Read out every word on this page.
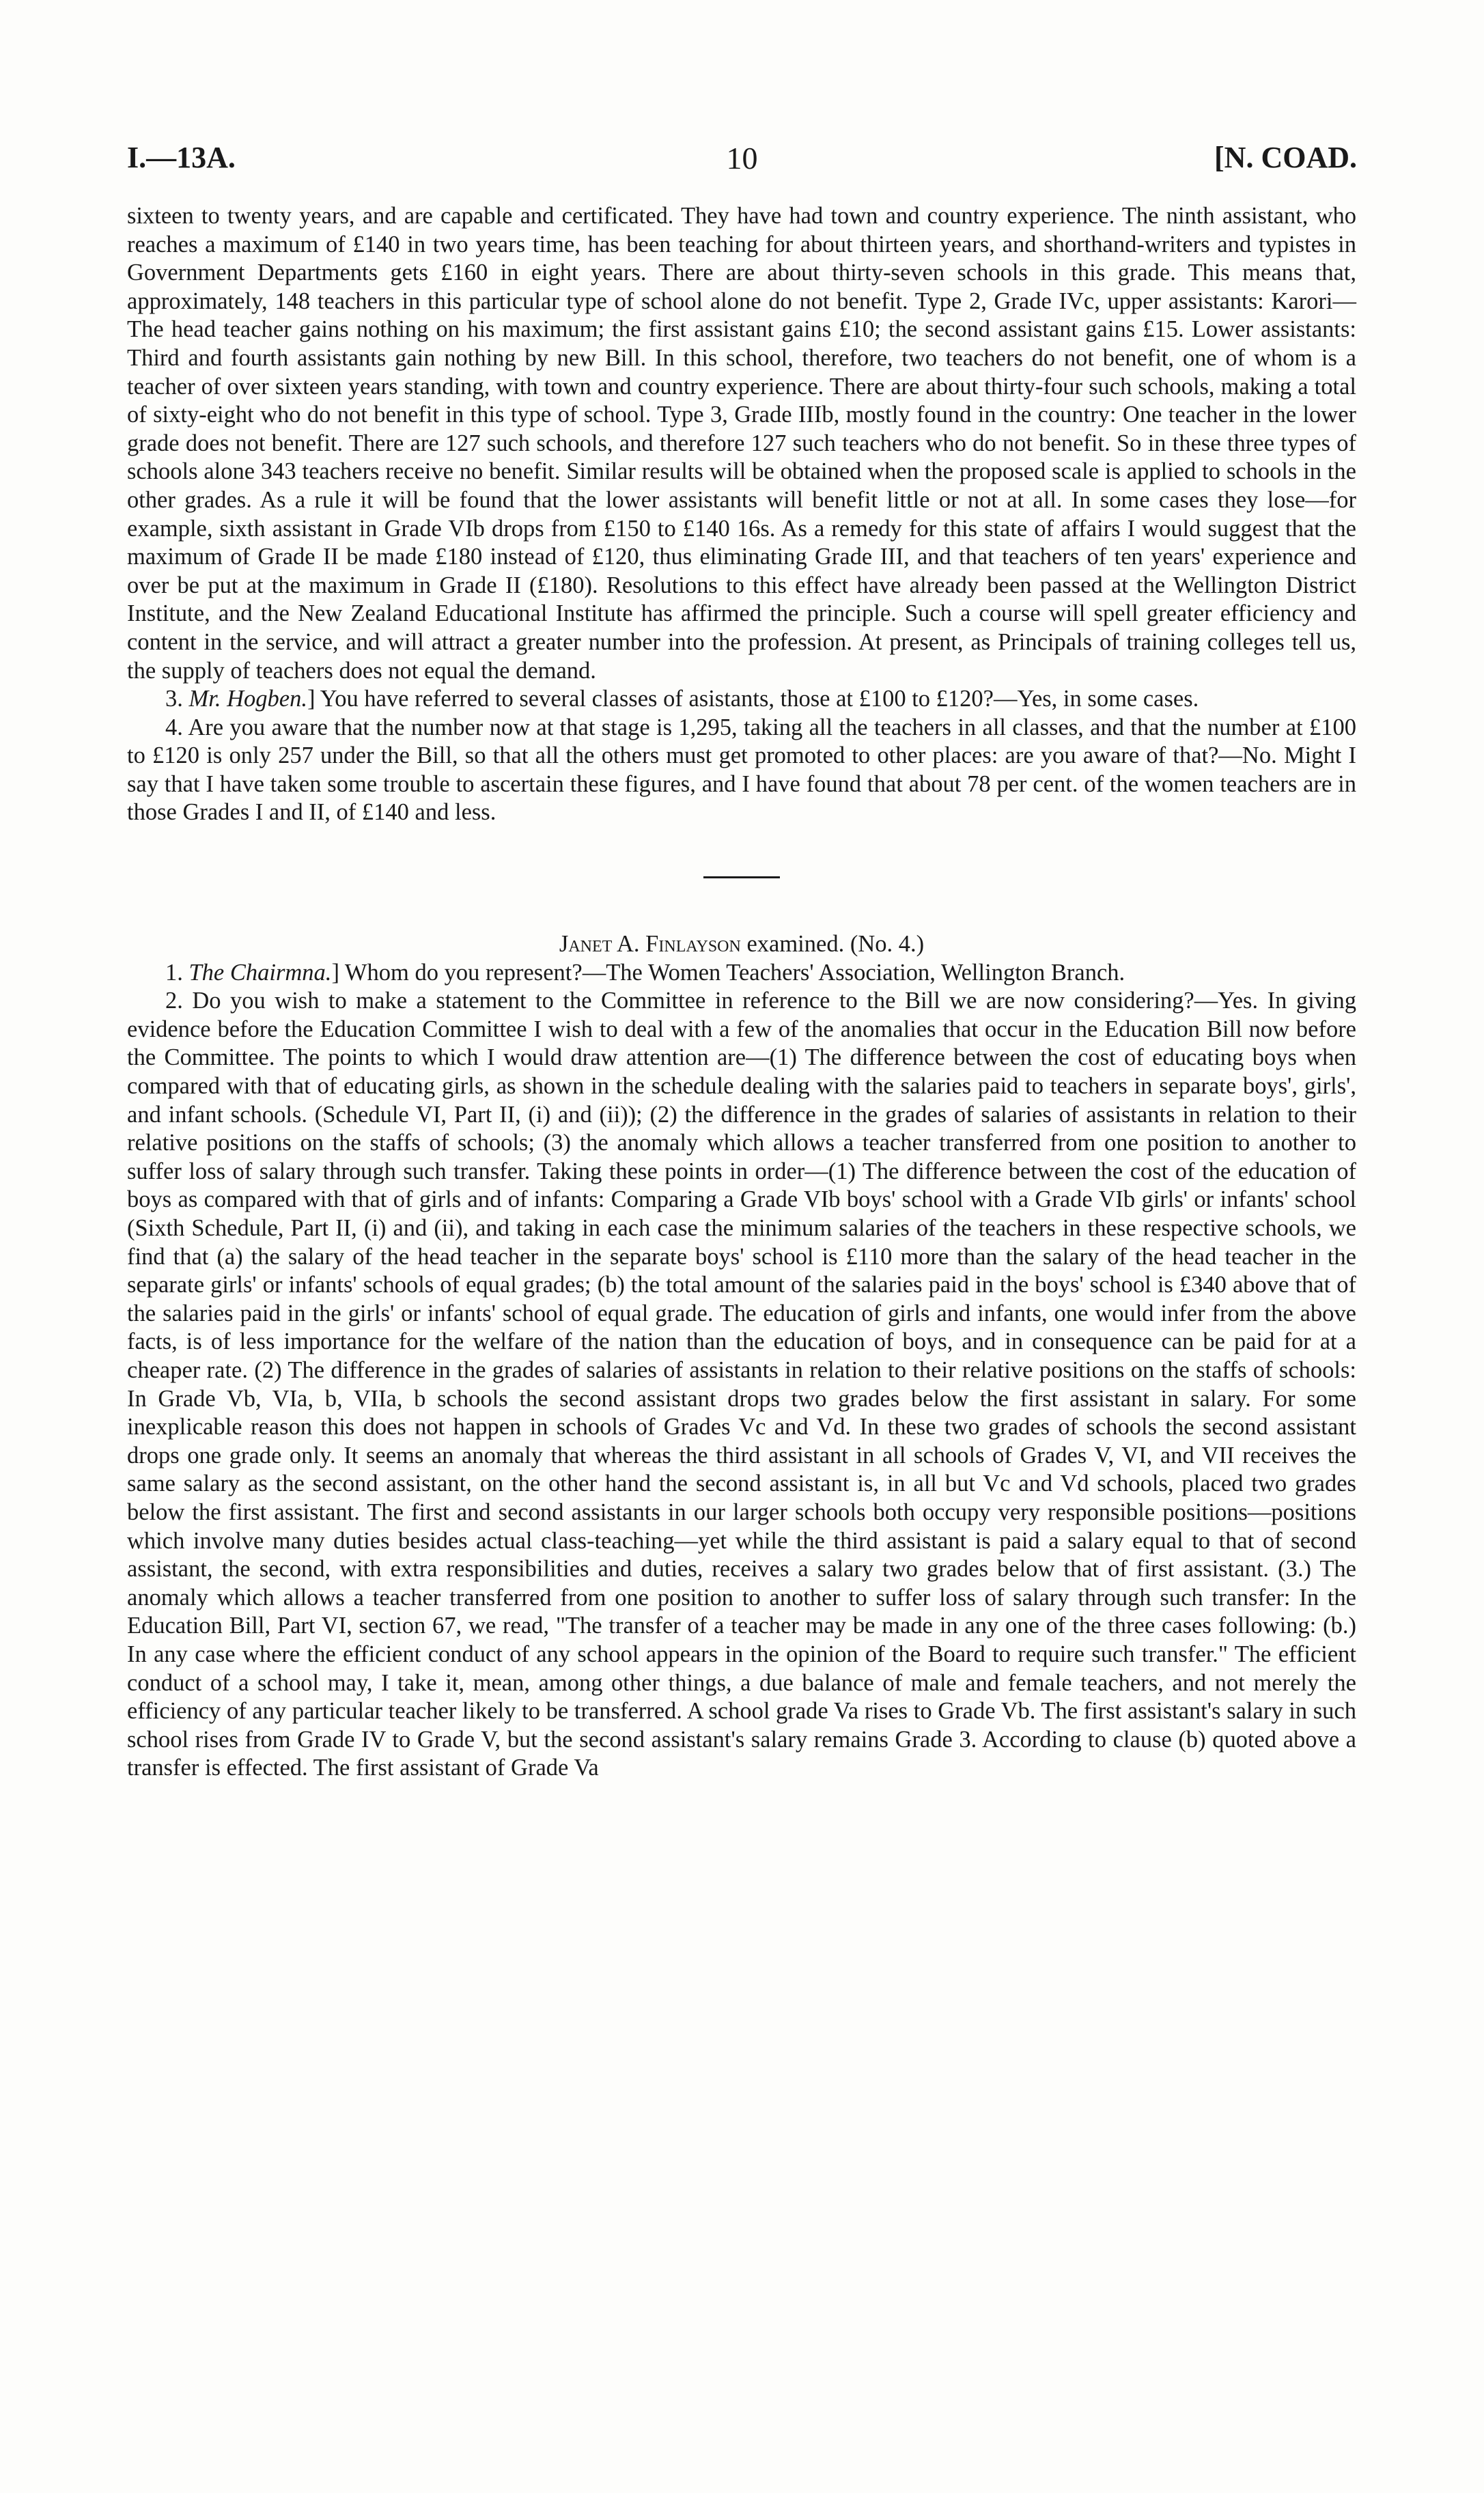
I.—13A.	10	[N. COAD.

sixteen to twenty years, and are capable and certificated. They have had town and country experience. The ninth assistant, who reaches a maximum of £140 in two years time, has been teaching for about thirteen years, and shorthand-writers and typistes in Government Departments gets £160 in eight years. There are about thirty-seven schools in this grade. This means that, approximately, 148 teachers in this particular type of school alone do not benefit. Type 2, Grade IVc, upper assistants: Karori—The head teacher gains nothing on his maximum; the first assistant gains £10; the second assistant gains £15. Lower assistants: Third and fourth assistants gain nothing by new Bill. In this school, therefore, two teachers do not benefit, one of whom is a teacher of over sixteen years standing, with town and country experience. There are about thirty-four such schools, making a total of sixty-eight who do not benefit in this type of school. Type 3, Grade IIIb, mostly found in the country: One teacher in the lower grade does not benefit. There are 127 such schools, and therefore 127 such teachers who do not benefit. So in these three types of schools alone 343 teachers receive no benefit. Similar results will be obtained when the proposed scale is applied to schools in the other grades. As a rule it will be found that the lower assistants will benefit little or not at all. In some cases they lose—for example, sixth assistant in Grade VIb drops from £150 to £140 16s. As a remedy for this state of affairs I would suggest that the maximum of Grade II be made £180 instead of £120, thus eliminating Grade III, and that teachers of ten years' experience and over be put at the maximum in Grade II (£180). Resolutions to this effect have already been passed at the Wellington District Institute, and the New Zealand Educational Institute has affirmed the principle. Such a course will spell greater efficiency and content in the service, and will attract a greater number into the profession. At present, as Principals of training colleges tell us, the supply of teachers does not equal the demand.

3. Mr. Hogben.] You have referred to several classes of asistants, those at £100 to £120?—Yes, in some cases.

4. Are you aware that the number now at that stage is 1,295, taking all the teachers in all classes, and that the number at £100 to £120 is only 257 under the Bill, so that all the others must get promoted to other places: are you aware of that?—No. Might I say that I have taken some trouble to ascertain these figures, and I have found that about 78 per cent. of the women teachers are in those Grades I and II, of £140 and less.

Janet A. Finlayson examined. (No. 4.)

1. The Chairmna.] Whom do you represent?—The Women Teachers' Association, Wellington Branch.

2. Do you wish to make a statement to the Committee in reference to the Bill we are now considering?—Yes. In giving evidence before the Education Committee I wish to deal with a few of the anomalies that occur in the Education Bill now before the Committee. The points to which I would draw attention are—(1) The difference between the cost of educating boys when compared with that of educating girls, as shown in the schedule dealing with the salaries paid to teachers in separate boys', girls', and infant schools. (Schedule VI, Part II, (i) and (ii)); (2) the difference in the grades of salaries of assistants in relation to their relative positions on the staffs of schools; (3) the anomaly which allows a teacher transferred from one position to another to suffer loss of salary through such transfer. Taking these points in order—(1) The difference between the cost of the education of boys as compared with that of girls and of infants: Comparing a Grade VIb boys' school with a Grade VIb girls' or infants' school (Sixth Schedule, Part II, (i) and (ii), and taking in each case the minimum salaries of the teachers in these respective schools, we find that (a) the salary of the head teacher in the separate boys' school is £110 more than the salary of the head teacher in the separate girls' or infants' schools of equal grades; (b) the total amount of the salaries paid in the boys' school is £340 above that of the salaries paid in the girls' or infants' school of equal grade. The education of girls and infants, one would infer from the above facts, is of less importance for the welfare of the nation than the education of boys, and in consequence can be paid for at a cheaper rate. (2) The difference in the grades of salaries of assistants in relation to their relative positions on the staffs of schools: In Grade Vb, VIa, b, VIIa, b schools the second assistant drops two grades below the first assistant in salary. For some inexplicable reason this does not happen in schools of Grades Vc and Vd. In these two grades of schools the second assistant drops one grade only. It seems an anomaly that whereas the third assistant in all schools of Grades V, VI, and VII receives the same salary as the second assistant, on the other hand the second assistant is, in all but Vc and Vd schools, placed two grades below the first assistant. The first and second assistants in our larger schools both occupy very responsible positions—positions which involve many duties besides actual class-teaching—yet while the third assistant is paid a salary equal to that of second assistant, the second, with extra responsibilities and duties, receives a salary two grades below that of first assistant. (3.) The anomaly which allows a teacher transferred from one position to another to suffer loss of salary through such transfer: In the Education Bill, Part VI, section 67, we read, "The transfer of a teacher may be made in any one of the three cases following: (b.) In any case where the efficient conduct of any school appears in the opinion of the Board to require such transfer." The efficient conduct of a school may, I take it, mean, among other things, a due balance of male and female teachers, and not merely the efficiency of any particular teacher likely to be transferred. A school grade Va rises to Grade Vb. The first assistant's salary in such school rises from Grade IV to Grade V, but the second assistant's salary remains Grade 3. According to clause (b) quoted above a transfer is effected. The first assistant of Grade Va
